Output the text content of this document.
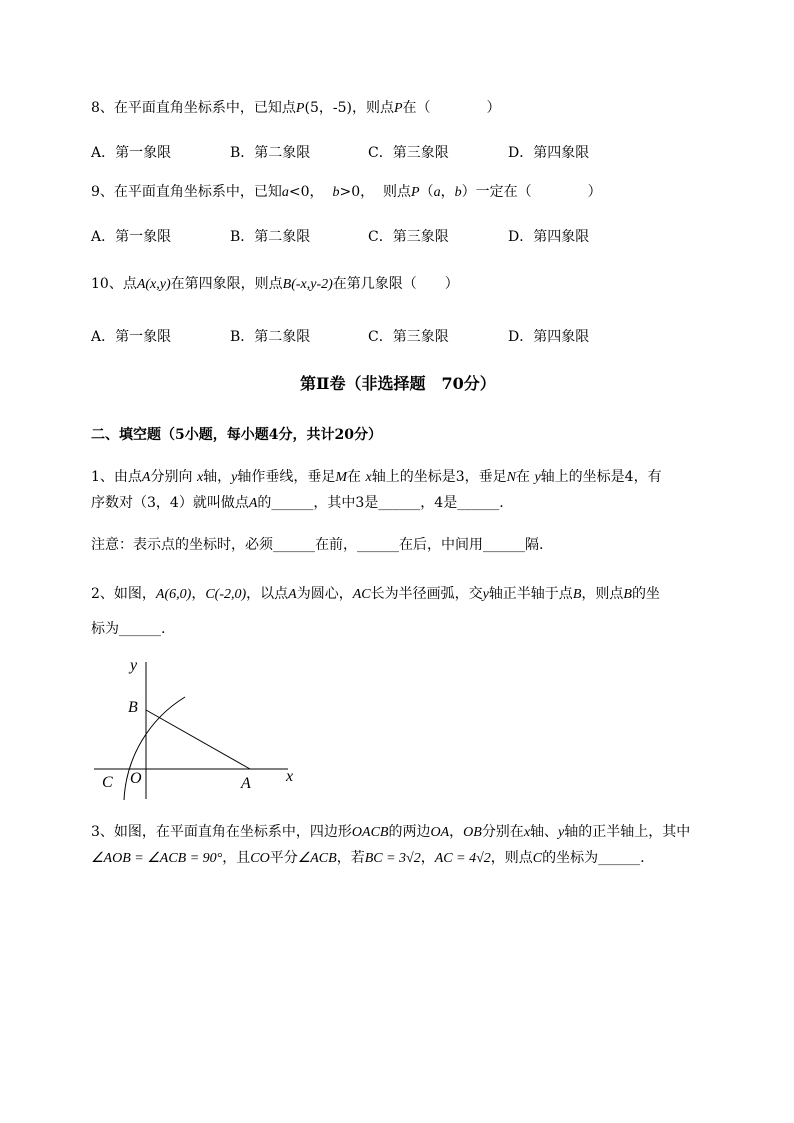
8、在平面直角坐标系中，已知点P(5，-5)，则点P在（　　　　）
A．第一象限	B．第二象限	C．第三象限	D．第四象限
9、在平面直角坐标系中，已知a<0， b>0， 则点P（a，b）一定在（　　　　）
A．第一象限	B．第二象限	C．第三象限	D．第四象限
10、点A(x,y)在第四象限，则点B(-x,y-2)在第几象限（　　）
A．第一象限	B．第二象限	C．第三象限	D．第四象限
第Ⅱ卷（非选择题　70分）
二、填空题（5小题，每小题4分，共计20分）
1、由点A分别向 x轴，y轴作垂线，垂足M在 x轴上的坐标是3，垂足N在 y轴上的坐标是4，有
序数对（3，4）就叫做点A的______，其中3是______，4是______.
注意：表示点的坐标时，必须______在前，______在后，中间用______隔.
2、如图，A(6,0)，C(-2,0)，以点A为圆心，AC长为半径画弧，交y轴正半轴于点B，则点B的坐
标为______.
y
x
B
C O	A
3、如图，在平面直角在坐标系中，四边形OACB的两边OA，OB分别在x轴、y轴的正半轴上，其中
∠AOB = ∠ACB = 90°，且CO平分∠ACB，若BC = 3√2，AC = 4√2，则点C的坐标为______.
